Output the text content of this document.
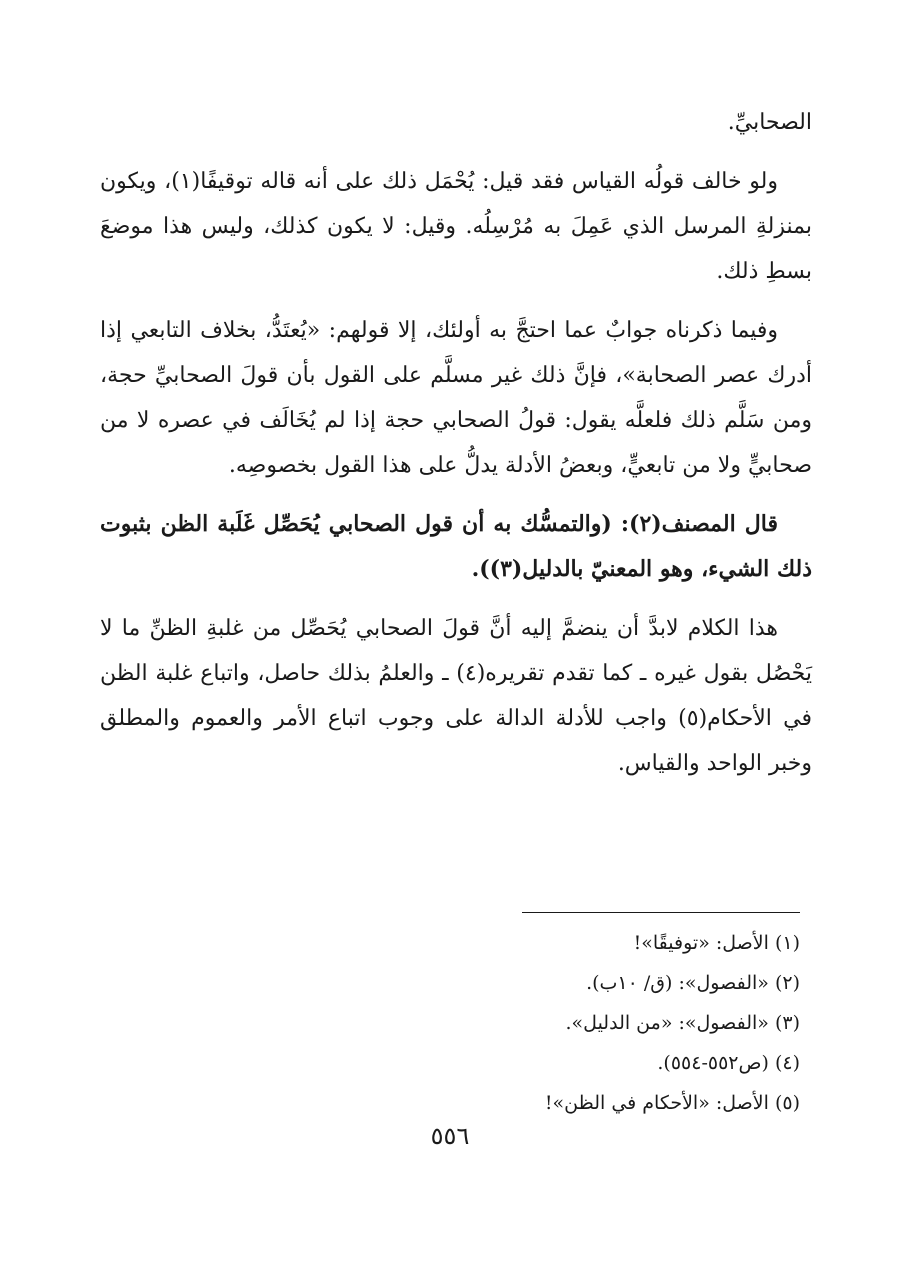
الصحابيِّ.

ولو خالف قولُه القياس فقد قيل: يُحْمَل ذلك على أنه قاله توقيفًا(١)، ويكون بمنزلةِ المرسل الذي عَمِلَ به مُرْسِلُه. وقيل: لا يكون كذلك، وليس هذا موضعَ بسطِ ذلك.

وفيما ذكرناه جوابٌ عما احتجَّ به أولئك، إلا قولهم: «يُعتَدُّ، بخلاف التابعي إذا أدرك عصر الصحابة»، فإنَّ ذلك غير مسلَّم على القول بأن قولَ الصحابيِّ حجة، ومن سَلَّم ذلك فلعلَّه يقول: قولُ الصحابي حجة إذا لم يُخَالَف في عصره لا من صحابيٍّ ولا من تابعيٍّ، وبعضُ الأدلة يدلُّ على هذا القول بخصوصِه.

قال المصنف(٢): (والتمسُّك به أن قول الصحابي يُحَصِّل غَلَبة الظن بثبوت ذلك الشيء، وهو المعنيّ بالدليل(٣)).

هذا الكلام لابدَّ أن ينضمَّ إليه أنَّ قولَ الصحابي يُحَصِّل من غلبةِ الظنِّ ما لا يَحْصُل بقول غيره ـ كما تقدم تقريره(٤) ـ والعلمُ بذلك حاصل، واتباع غلبة الظن في الأحكام(٥) واجب للأدلة الدالة على وجوب اتباع الأمر والعموم والمطلق وخبر الواحد والقياس.

(١) الأصل: «توفيقًا»!

(٢) «الفصول»: (ق/ ١٠ب).

(٣) «الفصول»: «من الدليل».

(٤) (ص٥٥٢-٥٥٤).

(٥) الأصل: «الأحكام في الظن»!

٥٥٦
